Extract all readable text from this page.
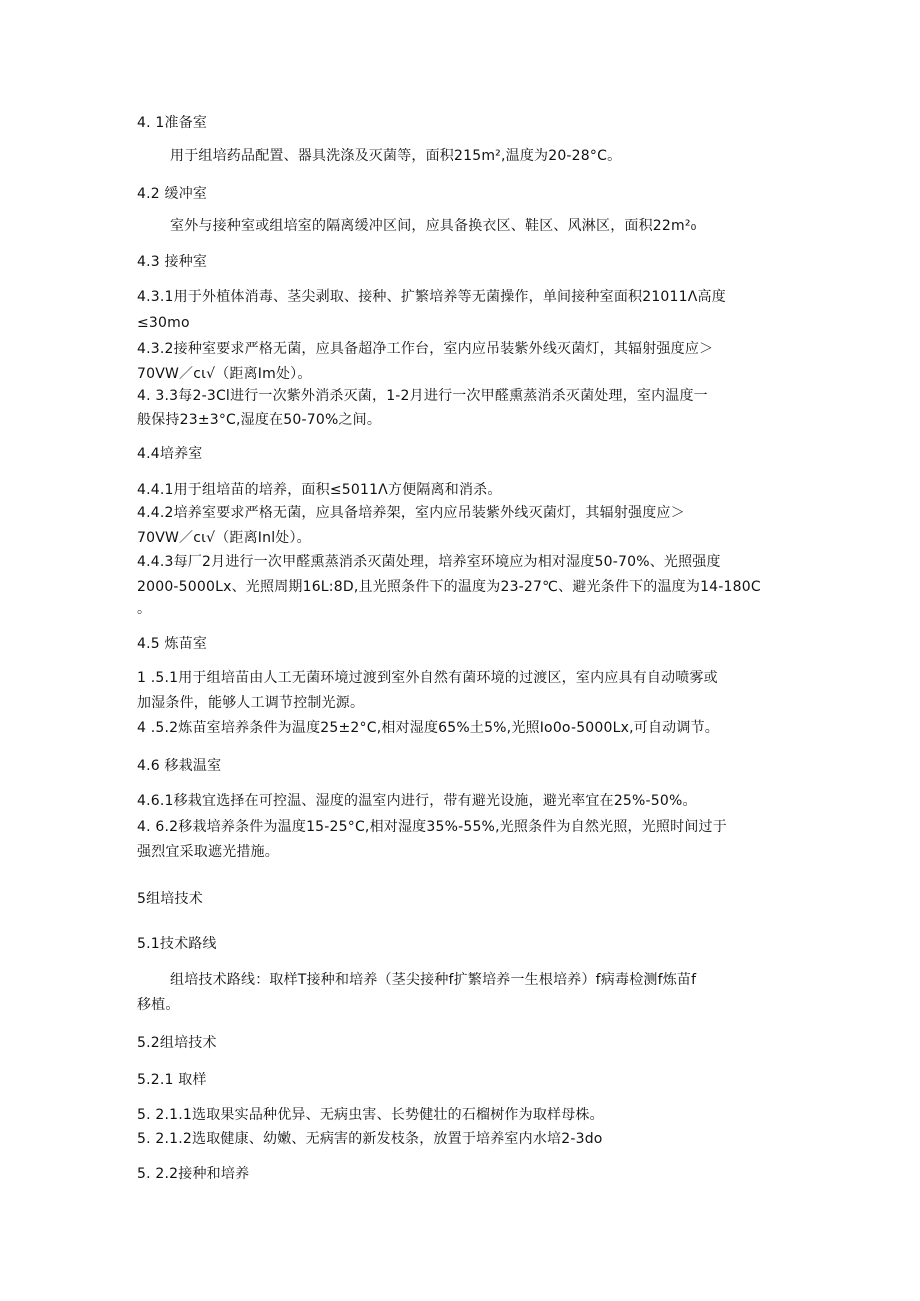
4. 1准备室
用于组培药品配置、器具洗涤及灭菌等，面积215m²,温度为20-28°C。
4.2 缓冲室
室外与接种室或组培室的隔离缓冲区间，应具备换衣区、鞋区、风淋区，面积22m²₀
4.3 接种室
4.3.1用于外植体消毒、茎尖剥取、接种、扩繁培养等无菌操作，单间接种室面积21011Λ高度
≤30mo
4.3.2接种室要求严格无菌，应具备超净工作台，室内应吊装紫外线灭菌灯，其辐射强度应＞
70VW／cι√（距离Im处）。
4. 3.3每2-3Cl进行一次紫外消杀灭菌，1-2月进行一次甲醛熏蒸消杀灭菌处理，室内温度一
般保持23±3°C,湿度在50-70%之间。
4.4培养室
4.4.1用于组培苗的培养，面积≤5011Λ方便隔离和消杀。
4.4.2培养室要求严格无菌，应具备培养架，室内应吊装紫外线灭菌灯，其辐射强度应＞
70VW／cι√（距离Inl处）。
4.4.3每厂2月进行一次甲醛熏蒸消杀灭菌处理，培养室环境应为相对湿度50-70%、光照强度
2000-5000Lx、光照周期16L:8D,且光照条件下的温度为23-27℃、避光条件下的温度为14-180C
。
4.5 炼苗室
1 .5.1用于组培苗由人工无菌环境过渡到室外自然有菌环境的过渡区，室内应具有自动喷雾或
加湿条件，能够人工调节控制光源。
4 .5.2炼苗室培养条件为温度25±2°C,相对湿度65%土5%,光照Io0o-5000Lx,可自动调节。
4.6 移栽温室
4.6.1移栽宜选择在可控温、湿度的温室内进行，带有避光设施，避光率宜在25%-50%。
4. 6.2移栽培养条件为温度15-25°C,相对湿度35%-55%,光照条件为自然光照，光照时间过于
强烈宜采取遮光措施。
5组培技术
5.1技术路线
组培技术路线：取样T接种和培养（茎尖接种f扩繁培养一生根培养）f病毒检测f炼苗f
移植。
5.2组培技术
5.2.1 取样
5. 2.1.1选取果实品种优异、无病虫害、长势健壮的石榴树作为取样母株。
5. 2.1.2选取健康、幼嫩、无病害的新发枝条，放置于培养室内水培2-3do
5. 2.2接种和培养
